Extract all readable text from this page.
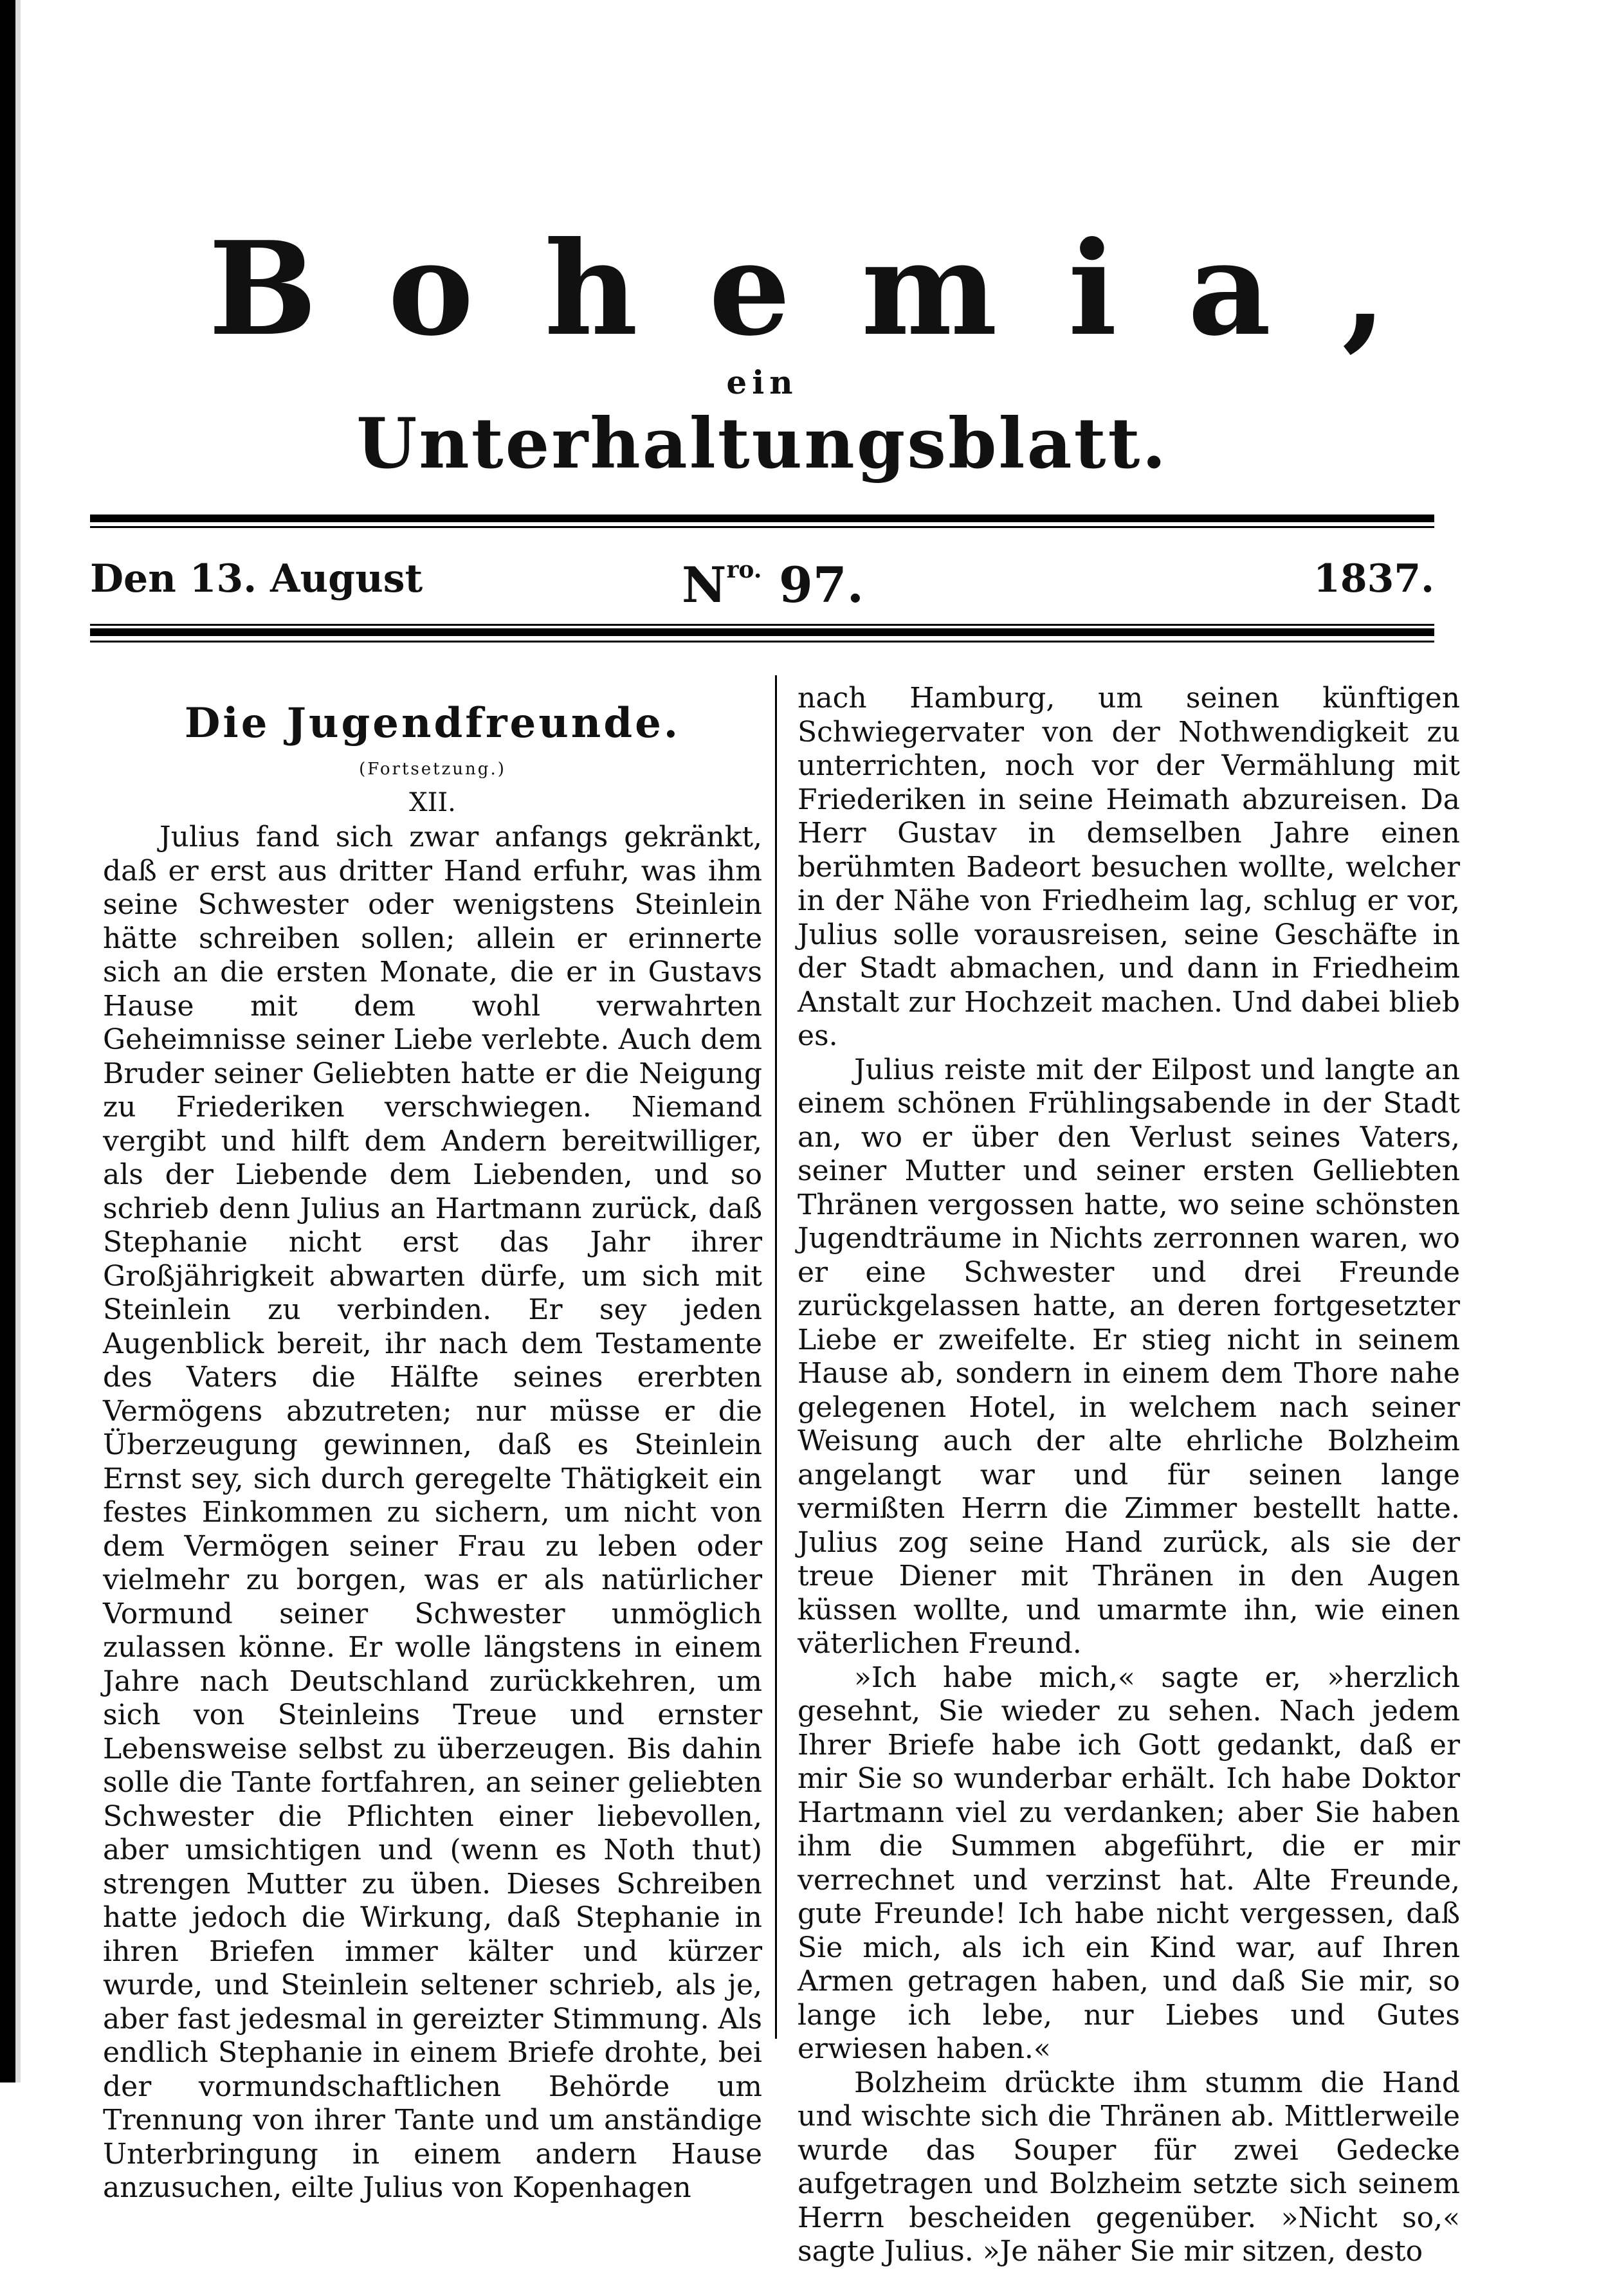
Bohemia,
ein
Unterhaltungsblatt.
Den 13. August	$N^{ro.}$ 97.	1837.
Die Jugendfreunde.
(Fortsetzung.)
XII.

Julius fand sich zwar anfangs gekränkt, daß er erst aus dritter Hand erfuhr, was ihm seine Schwester oder wenigstens Steinlein hätte schreiben sollen; allein er erinnerte sich an die ersten Monate, die er in Gustavs Hause mit dem wohl verwahrten Geheimnisse seiner Liebe verlebte. Auch dem Bruder seiner Geliebten hatte er die Neigung zu Friederiken verschwiegen. Niemand vergibt und hilft dem Andern bereitwilliger, als der Liebende dem Liebenden, und so schrieb denn Julius an Hartmann zurück, daß Stephanie nicht erst das Jahr ihrer Großjährigkeit abwarten dürfe, um sich mit Steinlein zu verbinden. Er sey jeden Augenblick bereit, ihr nach dem Testamente des Vaters die Hälfte seines ererbten Vermögens abzutreten; nur müsse er die Überzeugung gewinnen, daß es Steinlein Ernst sey, sich durch geregelte Thätigkeit ein festes Einkommen zu sichern, um nicht von dem Vermögen seiner Frau zu leben oder vielmehr zu borgen, was er als natürlicher Vormund seiner Schwester unmöglich zulassen könne. Er wolle längstens in einem Jahre nach Deutschland zurückkehren, um sich von Steinleins Treue und ernster Lebensweise selbst zu überzeugen. Bis dahin solle die Tante fortfahren, an seiner geliebten Schwester die Pflichten einer liebevollen, aber umsichtigen und (wenn es Noth thut) strengen Mutter zu üben. Dieses Schreiben hatte jedoch die Wirkung, daß Stephanie in ihren Briefen immer kälter und kürzer wurde, und Steinlein seltener schrieb, als je, aber fast jedesmal in gereizter Stimmung. Als endlich Stephanie in einem Briefe drohte, bei der vormundschaftlichen Behörde um Trennung von ihrer Tante und um anständige Unterbringung in einem andern Hause anzusuchen, eilte Julius von Kopenhagen

nach Hamburg, um seinen künftigen Schwiegervater von der Nothwendigkeit zu unterrichten, noch vor der Vermählung mit Friederiken in seine Heimath abzureisen. Da Herr Gustav in demselben Jahre einen berühmten Badeort besuchen wollte, welcher in der Nähe von Friedheim lag, schlug er vor, Julius solle vorausreisen, seine Geschäfte in der Stadt abmachen, und dann in Friedheim Anstalt zur Hochzeit machen. Und dabei blieb es.

Julius reiste mit der Eilpost und langte an einem schönen Frühlingsabende in der Stadt an, wo er über den Verlust seines Vaters, seiner Mutter und seiner ersten Gelliebten Thränen vergossen hatte, wo seine schönsten Jugendträume in Nichts zerronnen waren, wo er eine Schwester und drei Freunde zurückgelassen hatte, an deren fortgesetzter Liebe er zweifelte. Er stieg nicht in seinem Hause ab, sondern in einem dem Thore nahe gelegenen Hotel, in welchem nach seiner Weisung auch der alte ehrliche Bolzheim angelangt war und für seinen lange vermißten Herrn die Zimmer bestellt hatte. Julius zog seine Hand zurück, als sie der treue Diener mit Thränen in den Augen küssen wollte, und umarmte ihn, wie einen väterlichen Freund.

»Ich habe mich,« sagte er, »herzlich gesehnt, Sie wieder zu sehen. Nach jedem Ihrer Briefe habe ich Gott gedankt, daß er mir Sie so wunderbar erhält. Ich habe Doktor Hartmann viel zu verdanken; aber Sie haben ihm die Summen abgeführt, die er mir verrechnet und verzinst hat. Alte Freunde, gute Freunde! Ich habe nicht vergessen, daß Sie mich, als ich ein Kind war, auf Ihren Armen getragen haben, und daß Sie mir, so lange ich lebe, nur Liebes und Gutes erwiesen haben.«

Bolzheim drückte ihm stumm die Hand und wischte sich die Thränen ab. Mittlerweile wurde das Souper für zwei Gedecke aufgetragen und Bolzheim setzte sich seinem Herrn bescheiden gegenüber. »Nicht so,« sagte Julius. »Je näher Sie mir sitzen, desto
